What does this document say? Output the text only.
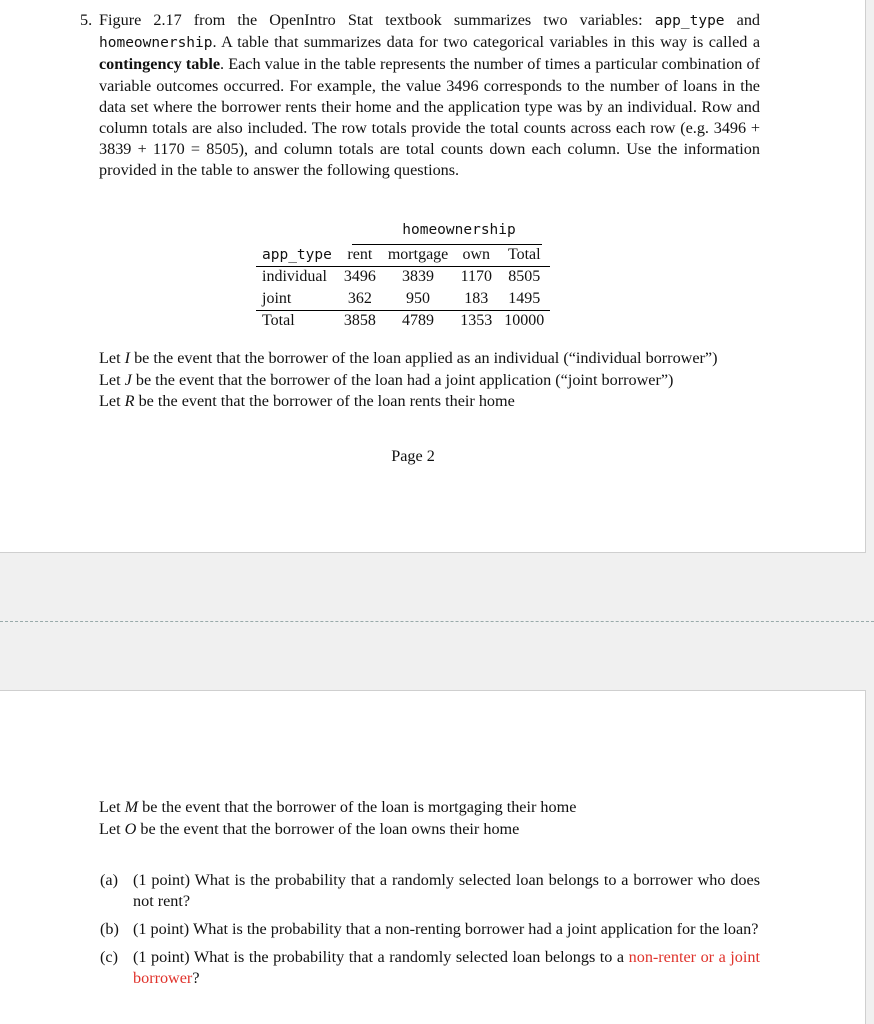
5. Figure 2.17 from the OpenIntro Stat textbook summarizes two variables: app_type and homeownership. A table that summarizes data for two categorical variables in this way is called a contingency table. Each value in the table represents the number of times a particular combination of variable outcomes occurred. For example, the value 3496 corresponds to the number of loans in the data set where the borrower rents their home and the application type was by an individual. Row and column totals are also included. The row totals provide the total counts across each row (e.g. 3496 + 3839 + 1170 = 8505), and column totals are total counts down each column. Use the information provided in the table to answer the following questions.
homeownership
app_type	rent	mortgage	own	Total
individual	3496	3839	1170	8505
joint	362	950	183	1495
Total	3858	4789	1353	10000
Let I be the event that the borrower of the loan applied as an individual (“individual borrower”)
Let J be the event that the borrower of the loan had a joint application (“joint borrower”)
Let R be the event that the borrower of the loan rents their home
Page 2
Let M be the event that the borrower of the loan is mortgaging their home
Let O be the event that the borrower of the loan owns their home
(a) (1 point) What is the probability that a randomly selected loan belongs to a borrower who does not rent?
(b) (1 point) What is the probability that a non-renting borrower had a joint application for the loan?
(c) (1 point) What is the probability that a randomly selected loan belongs to a non-renter or a joint borrower?
